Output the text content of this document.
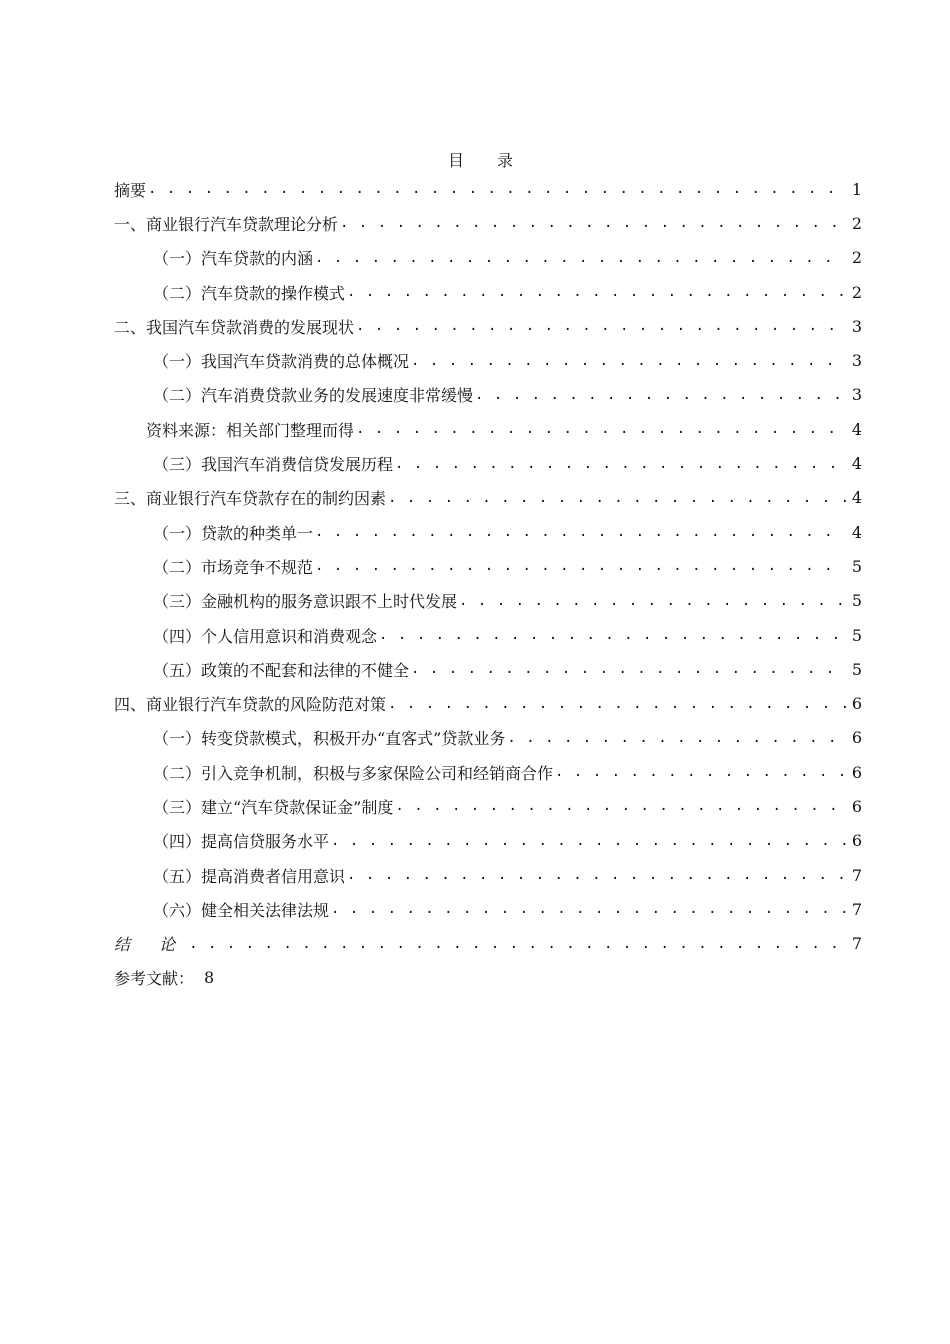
目 录
摘要 . . .	1
一、商业银行汽车贷款理论分析 . . .	2
（一）汽车贷款的内涵 . . .	2
（二）汽车贷款的操作模式 . . .	2
二、我国汽车贷款消费的发展现状 . . .	3
（一）我国汽车贷款消费的总体概况 . . .	3
（二）汽车消费贷款业务的发展速度非常缓慢 . . .	3
资料来源：相关部门整理而得 . . .	4
（三）我国汽车消费信贷发展历程 . . .	4
三、商业银行汽车贷款存在的制约因素 . . .	4
（一）贷款的种类单一 . . .	4
（二）市场竞争不规范 . . .	5
（三）金融机构的服务意识跟不上时代发展 . . .	5
（四）个人信用意识和消费观念 . . .	5
（五）政策的不配套和法律的不健全 . . .	5
四、商业银行汽车贷款的风险防范对策 . . .	6
（一）转变贷款模式，积极开办“直客式”贷款业务 . . .	6
（二）引入竞争机制，积极与多家保险公司和经销商合作 . . .	6
（三）建立“汽车贷款保证金”制度 . . .	6
（四）提高信贷服务水平 . . .	6
（五）提高消费者信用意识 . . .	7
（六）健全相关法律法规 . . .	7
结 论 . . .	7
参考文献： 8
